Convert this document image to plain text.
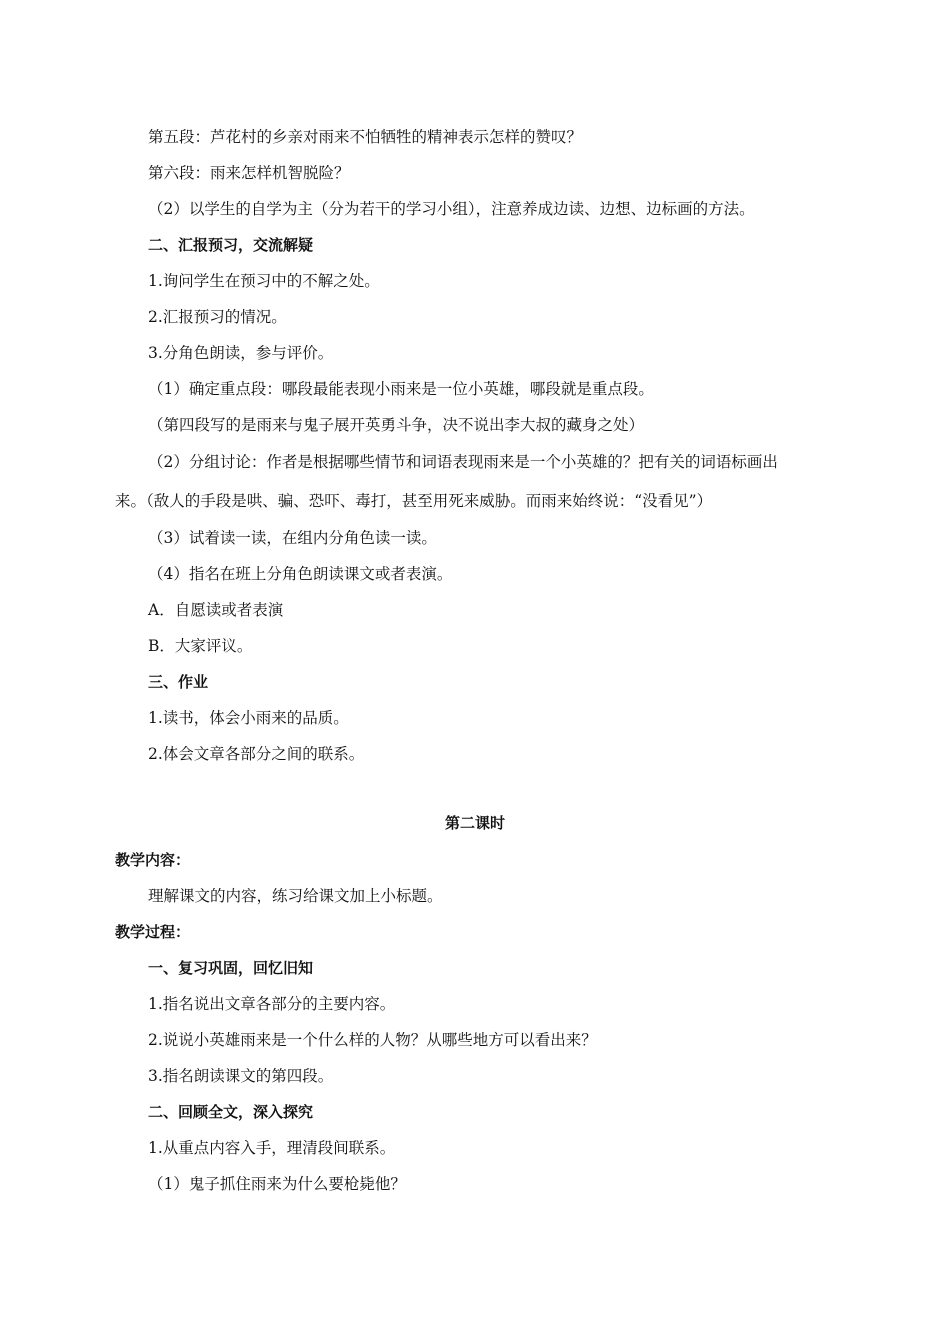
第五段：芦花村的乡亲对雨来不怕牺牲的精神表示怎样的赞叹？
第六段：雨来怎样机智脱险？
（2）以学生的自学为主（分为若干的学习小组），注意养成边读、边想、边标画的方法。
二、汇报预习，交流解疑
1.询问学生在预习中的不解之处。
2.汇报预习的情况。
3.分角色朗读，参与评价。
（1）确定重点段：哪段最能表现小雨来是一位小英雄，哪段就是重点段。
（第四段写的是雨来与鬼子展开英勇斗争，决不说出李大叔的藏身之处）
（2）分组讨论：作者是根据哪些情节和词语表现雨来是一个小英雄的？把有关的词语标画出
来。（敌人的手段是哄、骗、恐吓、毒打，甚至用死来威胁。而雨来始终说：“没看见”）
（3）试着读一读，在组内分角色读一读。
（4）指名在班上分角色朗读课文或者表演。
A．自愿读或者表演
B．大家评议。
三、作业
1.读书，体会小雨来的品质。
2.体会文章各部分之间的联系。
第二课时
教学内容：
理解课文的内容，练习给课文加上小标题。
教学过程：
一、复习巩固，回忆旧知
1.指名说出文章各部分的主要内容。
2.说说小英雄雨来是一个什么样的人物？从哪些地方可以看出来？
3.指名朗读课文的第四段。
二、回顾全文，深入探究
1.从重点内容入手，理清段间联系。
（1）鬼子抓住雨来为什么要枪毙他？
